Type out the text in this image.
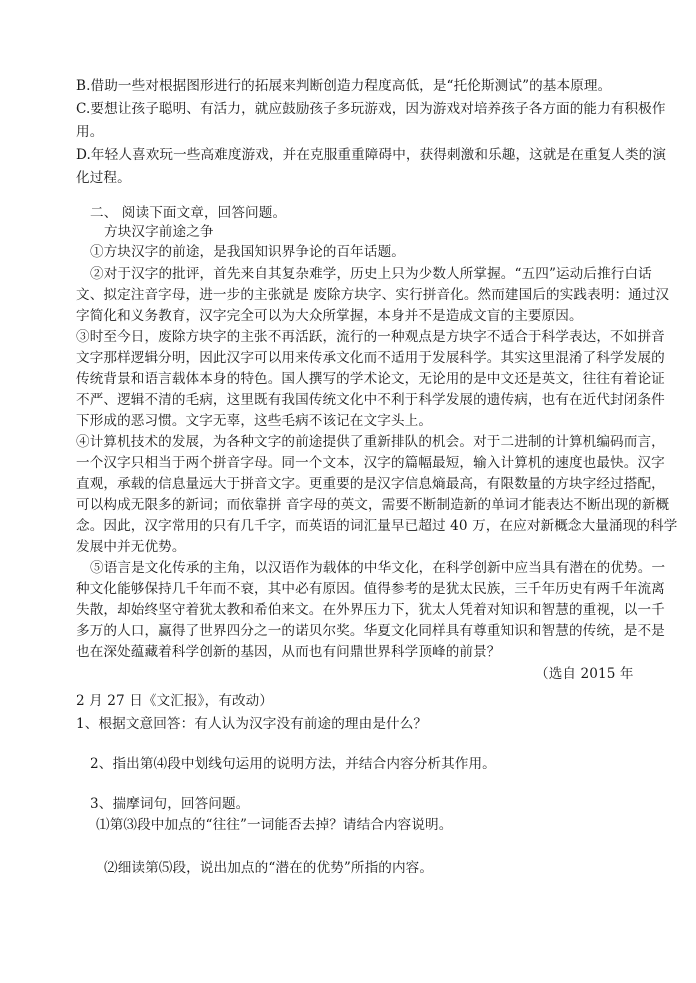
B.借助一些对根据图形进行的拓展来判断创造力程度高低，是“托伦斯测试”的基本原理。
C.要想让孩子聪明、有活力，就应鼓励孩子多玩游戏，因为游戏对培养孩子各方面的能力有积极作
用。
D.年轻人喜欢玩一些高难度游戏，并在克服重重障碍中，获得刺激和乐趣，这就是在重复人类的演
化过程。
二、 阅读下面文章，回答问题。
方块汉字前途之争
①方块汉字的前途，是我国知识界争论的百年话题。
②对于汉字的批评，首先来自其复杂难学，历史上只为少数人所掌握。“五四”运动后推行白话
文、拟定注音字母，进一步的主张就是 废除方块字、实行拼音化。然而建国后的实践表明：通过汉
字简化和义务教育，汉字完全可以为大众所掌握，本身并不是造成文盲的主要原因。
③时至今日，废除方块字的主张不再活跃，流行的一种观点是方块字不适合于科学表达，不如拼音
文字那样逻辑分明，因此汉字可以用来传承文化而不适用于发展科学。其实这里混淆了科学发展的
传统背景和语言载体本身的特色。国人撰写的学术论文，无论用的是中文还是英文，往往有着论证
不严、逻辑不清的毛病，这里既有我国传统文化中不利于科学发展的遗传病，也有在近代封闭条件
下形成的恶习惯。文字无辜，这些毛病不该记在文字头上。
④计算机技术的发展，为各种文字的前途提供了重新排队的机会。对于二进制的计算机编码而言，
一个汉字只相当于两个拼音字母。同一个文本，汉字的篇幅最短，输入计算机的速度也最快。汉字
直观，承载的信息量远大于拼音文字。更重要的是汉字信息熵最高，有限数量的方块字经过搭配，
可以构成无限多的新词；而依靠拼 音字母的英文，需要不断制造新的单词才能表达不断出现的新概
念。因此，汉字常用的只有几千字，而英语的词汇量早已超过 40 万，在应对新概念大量涌现的科学
发展中并无优势。
⑤语言是文化传承的主角，以汉语作为载体的中华文化，在科学创新中应当具有潜在的优势。一
种文化能够保持几千年而不衰，其中必有原因。值得参考的是犹太民族，三千年历史有两千年流离
失散，却始终坚守着犹太教和希伯来文。在外界压力下，犹太人凭着对知识和智慧的重视，以一千
多万的人口，赢得了世界四分之一的诺贝尔奖。华夏文化同样具有尊重知识和智慧的传统，是不是
也在深处蕴藏着科学创新的基因，从而也有问鼎世界科学顶峰的前景？
（选自 2015 年
2 月 27 日《文汇报》，有改动）
1、根据文意回答：有人认为汉字没有前途的理由是什么？
2、指出第⑷段中划线句运用的说明方法，并结合内容分析其作用。
3、揣摩词句，回答问题。
⑴第⑶段中加点的“往往”一词能否去掉？请结合内容说明。
⑵细读第⑸段，说出加点的“潜在的优势”所指的内容。
